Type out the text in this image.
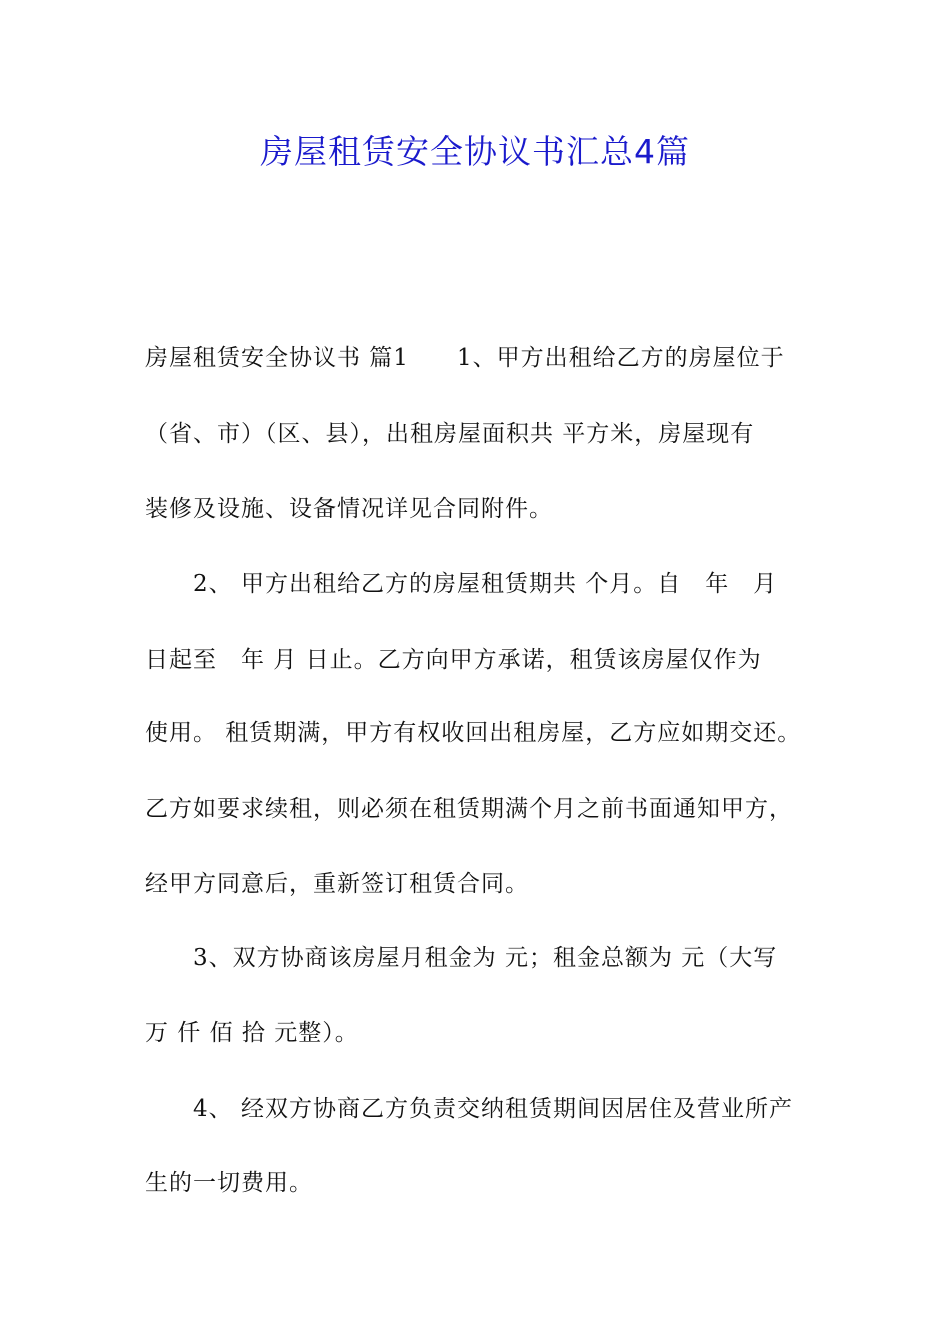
房屋租赁安全协议书汇总4篇
房屋租赁安全协议书 篇1　　1、甲方出租给乙方的房屋位于
（省、市）（区、县），出租房屋面积共 平方米，房屋现有
装修及设施、设备情况详见合同附件。
2、 甲方出租给乙方的房屋租赁期共 个月。自　年　月
日起至　年 月 日止。乙方向甲方承诺，租赁该房屋仅作为
使用。 租赁期满，甲方有权收回出租房屋，乙方应如期交还。
乙方如要求续租，则必须在租赁期满个月之前书面通知甲方，
经甲方同意后，重新签订租赁合同。
3、双方协商该房屋月租金为 元；租金总额为 元（大写
万 仟 佰 拾 元整）。
4、 经双方协商乙方负责交纳租赁期间因居住及营业所产
生的一切费用。
